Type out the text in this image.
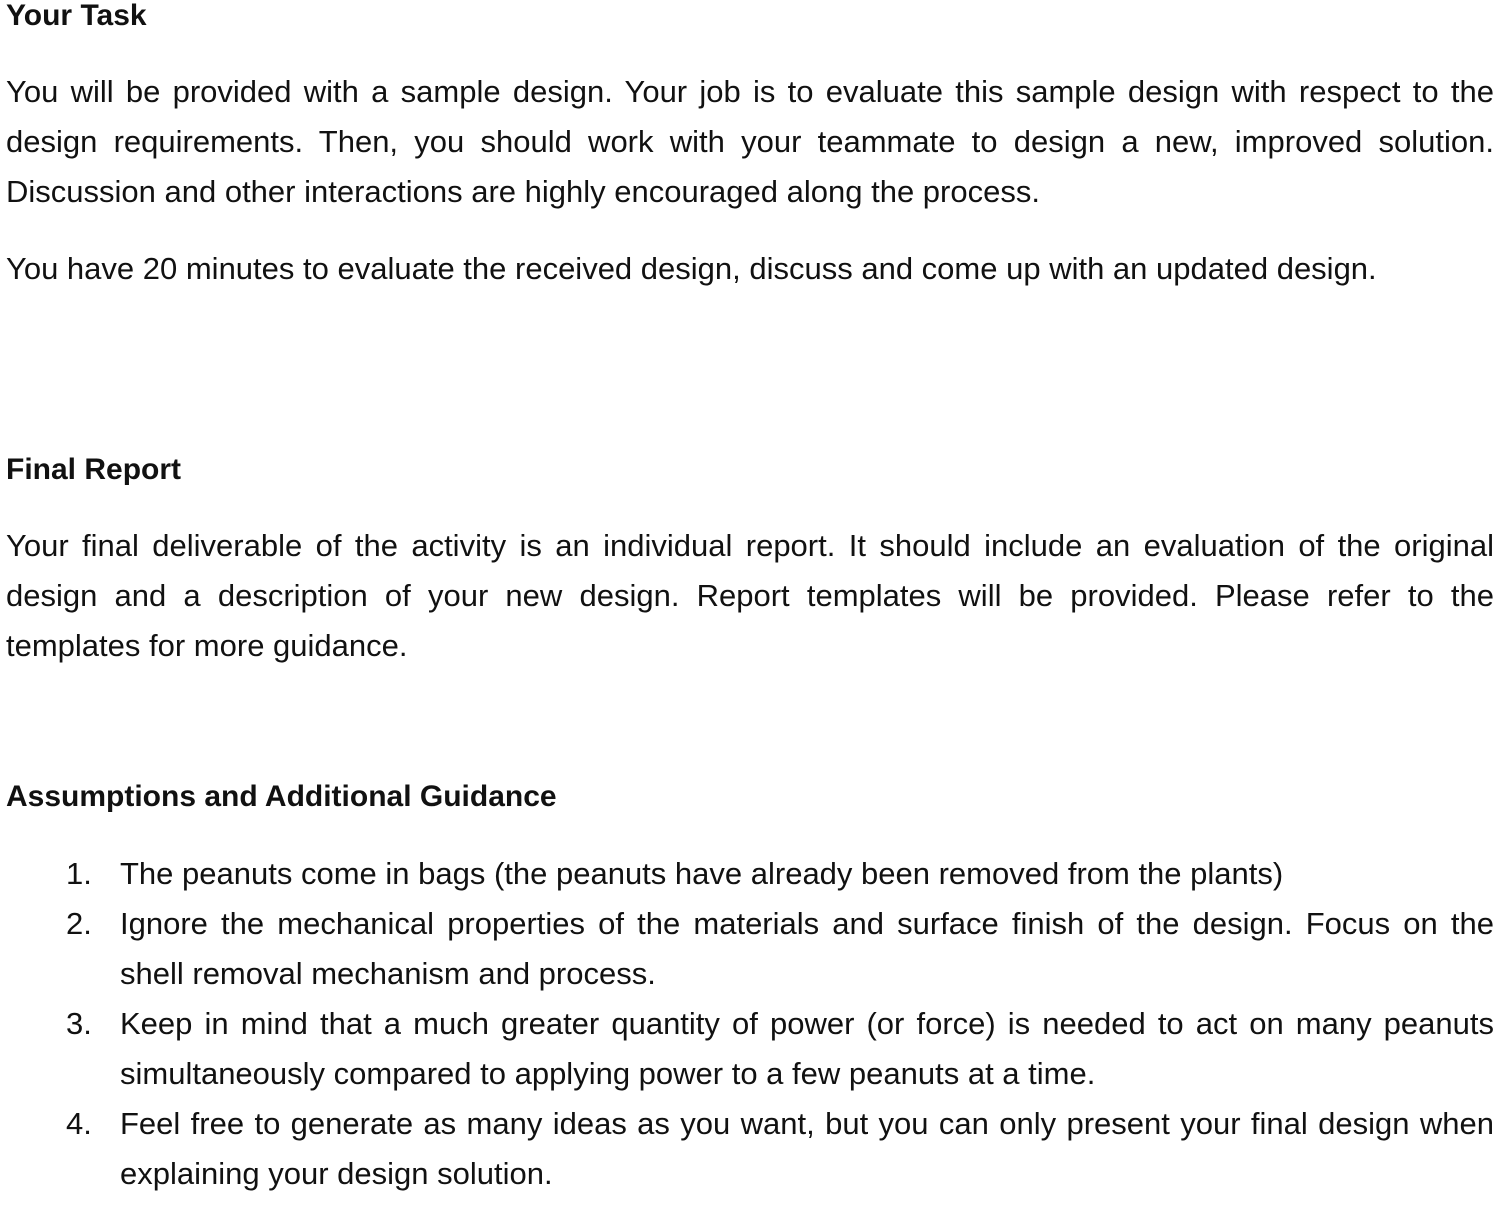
Your Task

You will be provided with a sample design. Your job is to evaluate this sample design with respect to the design requirements. Then, you should work with your teammate to design a new, improved solution. Discussion and other interactions are highly encouraged along the process.

You have 20 minutes to evaluate the received design, discuss and come up with an updated design.

Final Report

Your final deliverable of the activity is an individual report. It should include an evaluation of the original design and a description of your new design. Report templates will be provided. Please refer to the templates for more guidance.

Assumptions and Additional Guidance
1. The peanuts come in bags (the peanuts have already been removed from the plants)
2. Ignore the mechanical properties of the materials and surface finish of the design. Focus on the shell removal mechanism and process.
3. Keep in mind that a much greater quantity of power (or force) is needed to act on many peanuts simultaneously compared to applying power to a few peanuts at a time.
4. Feel free to generate as many ideas as you want, but you can only present your final design when explaining your design solution.
